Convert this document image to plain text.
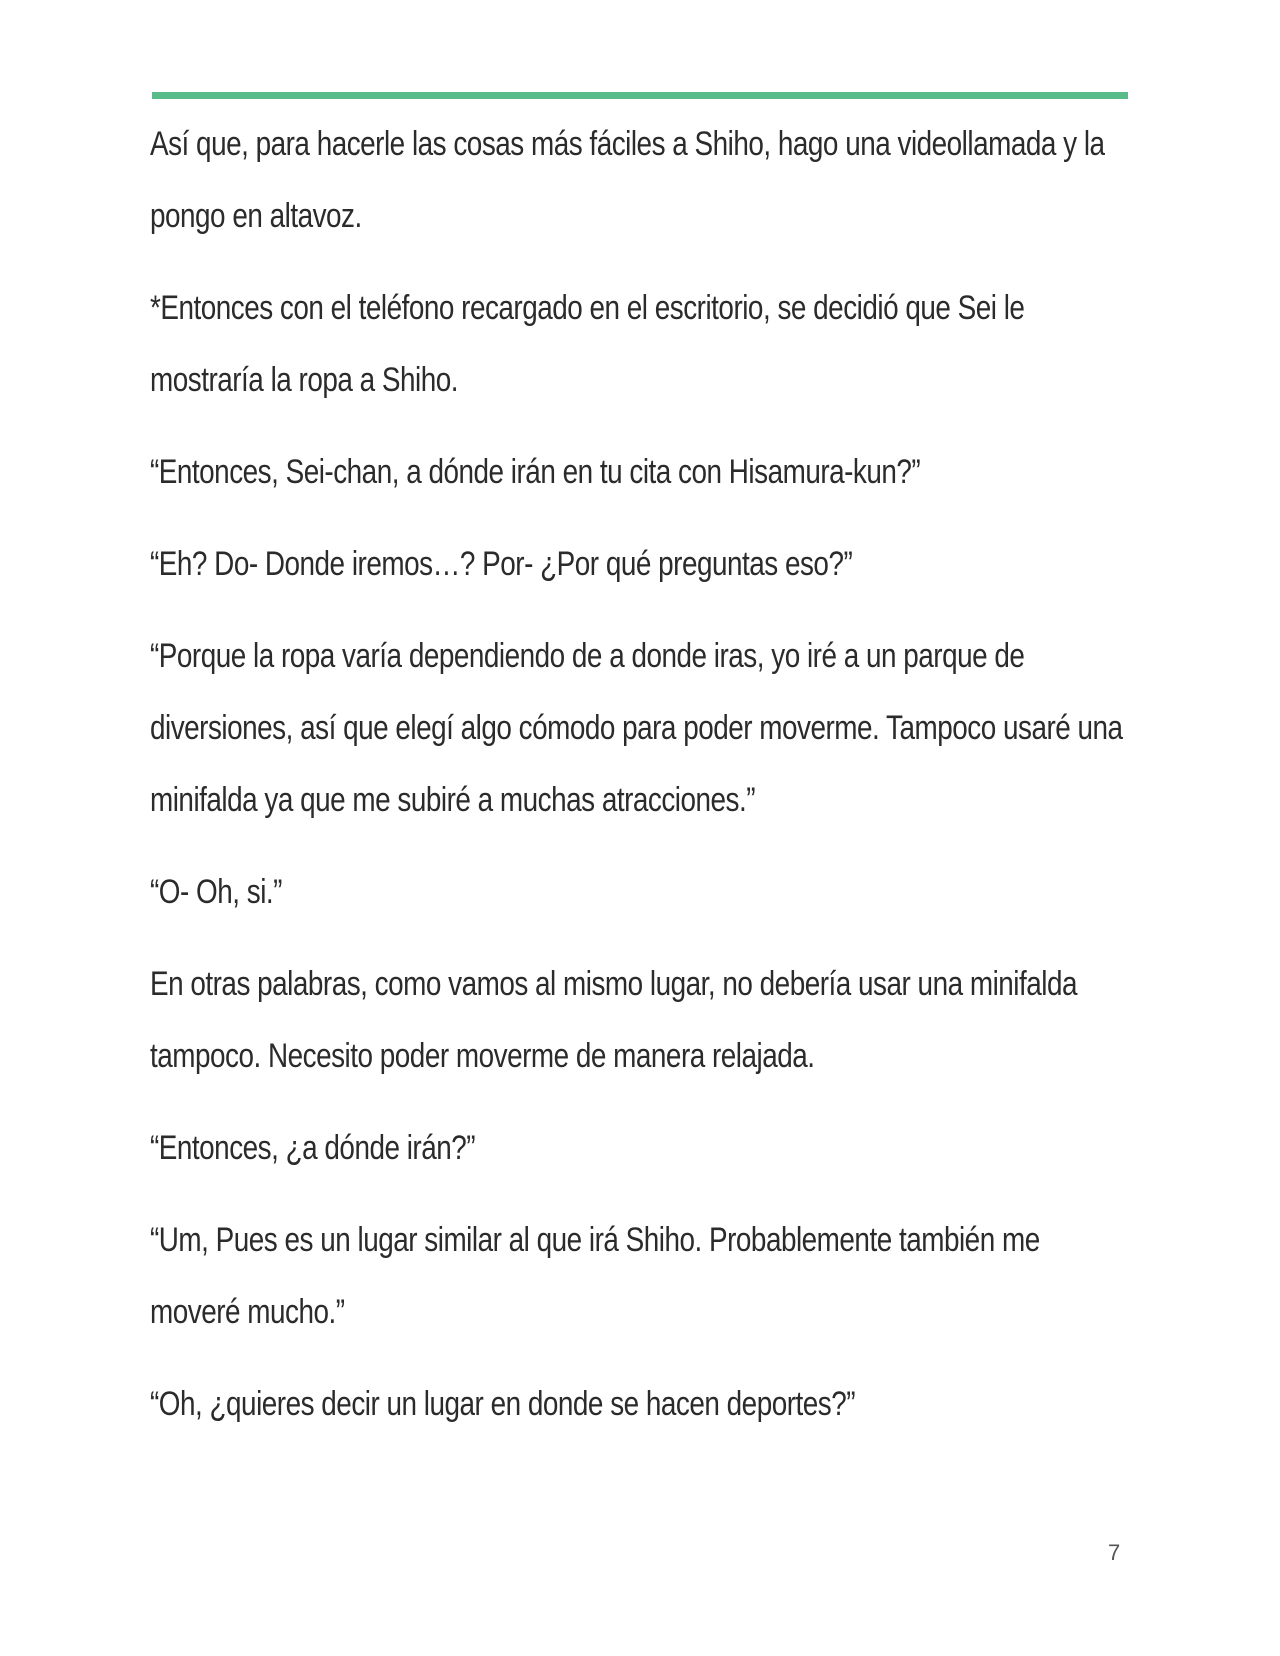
Así que, para hacerle las cosas más fáciles a Shiho, hago una videollamada y la pongo en altavoz.

*Entonces con el teléfono recargado en el escritorio, se decidió que Sei le mostraría la ropa a Shiho.

“Entonces, Sei-chan, a dónde irán en tu cita con Hisamura-kun?”

“Eh? Do- Donde iremos…? Por- ¿Por qué preguntas eso?”

“Porque la ropa varía dependiendo de a donde iras, yo iré a un parque de diversiones, así que elegí algo cómodo para poder moverme. Tampoco usaré una minifalda ya que me subiré a muchas atracciones.”

“O- Oh, si.”

En otras palabras, como vamos al mismo lugar, no debería usar una minifalda tampoco. Necesito poder moverme de manera relajada.

“Entonces, ¿a dónde irán?”

“Um, Pues es un lugar similar al que irá Shiho. Probablemente también me moveré mucho.”

“Oh, ¿quieres decir un lugar en donde se hacen deportes?”

7
